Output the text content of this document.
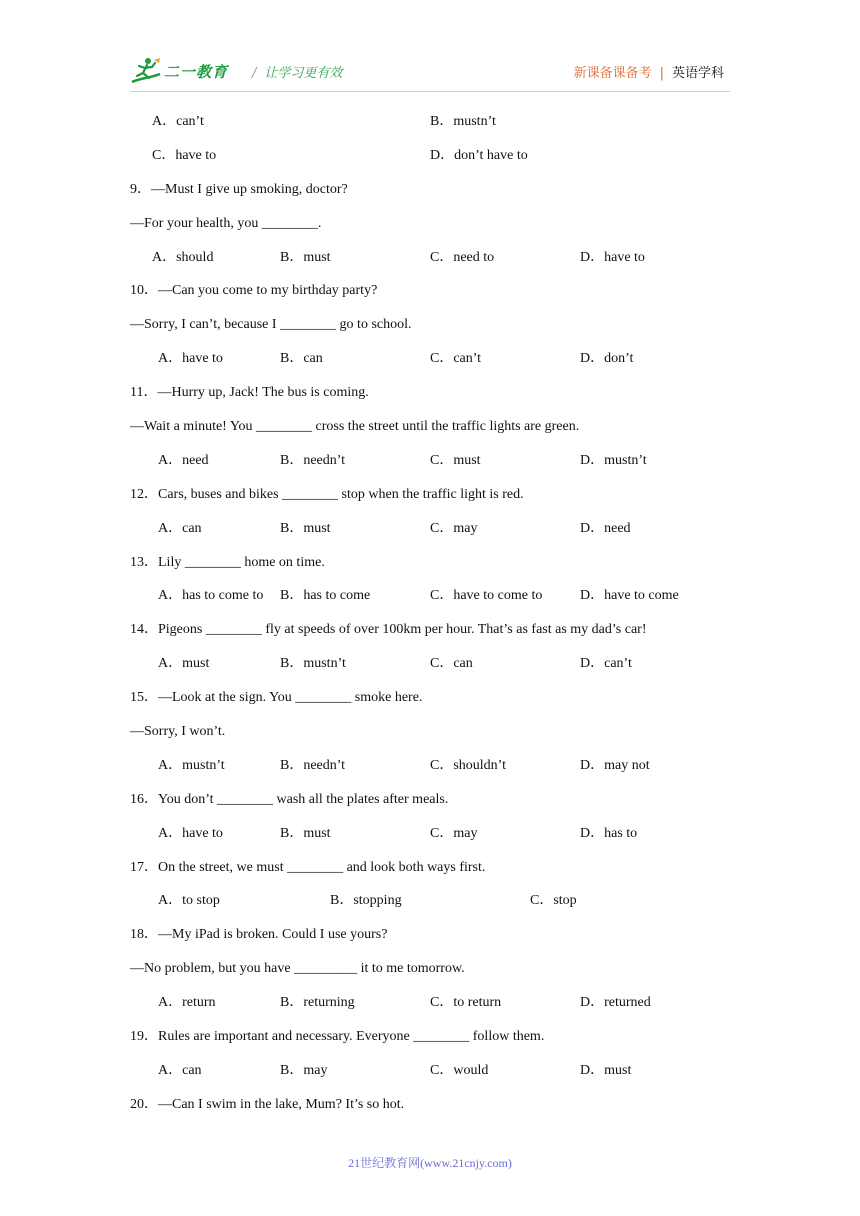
二一教育 / 让学习更有效	新课备课备考 | 英语学科
A．can’t	B．mustn’t
C．have to	D．don’t have to
9．—Must I give up smoking, doctor?
—For your health, you ________.
A．should	B．must	C．need to	D．have to
10．—Can you come to my birthday party?
—Sorry, I can’t, because I ________ go to school.
A．have to	B．can	C．can’t	D．don’t
11．—Hurry up, Jack! The bus is coming.
—Wait a minute! You ________ cross the street until the traffic lights are green.
A．need	B．needn’t	C．must	D．mustn’t
12．Cars, buses and bikes ________ stop when the traffic light is red.
A．can	B．must	C．may	D．need
13．Lily ________ home on time.
A．has to come to B．has to come	C．have to come to	D．have to come
14．Pigeons ________ fly at speeds of over 100km per hour. That’s as fast as my dad’s car!
A．must	B．mustn’t	C．can	D．can’t
15．—Look at the sign. You ________ smoke here.
—Sorry, I won’t.
A．mustn’t	B．needn’t	C．shouldn’t	D．may not
16．You don’t ________ wash all the plates after meals.
A．have to	B．must	C．may	D．has to
17．On the street, we must ________ and look both ways first.
A．to stop	B．stopping	C．stop
18．—My iPad is broken. Could I use yours?
—No problem, but you have _________ it to me tomorrow.
A．return	B．returning	C．to return	D．returned
19．Rules are important and necessary. Everyone ________ follow them.
A．can	B．may	C．would	D．must
20．—Can I swim in the lake, Mum? It’s so hot.
21世纪教育网(www.21cnjy.com)
